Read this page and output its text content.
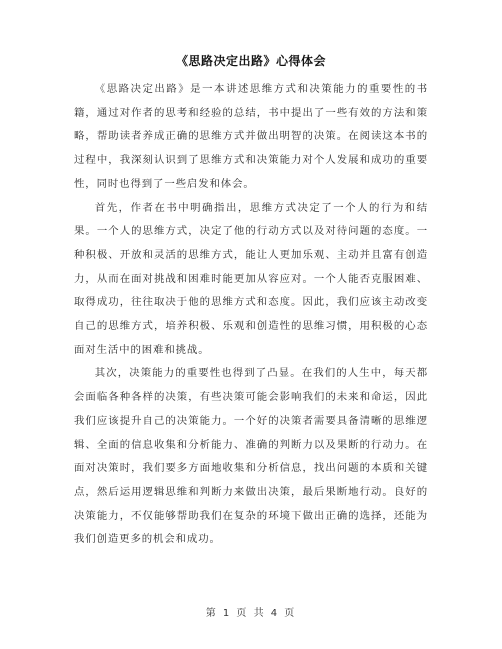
《思路决定出路》心得体会

《思路决定出路》是一本讲述思维方式和决策能力的重要性的书籍，通过对作者的思考和经验的总结，书中提出了一些有效的方法和策略，帮助读者养成正确的思维方式并做出明智的决策。在阅读这本书的过程中，我深刻认识到了思维方式和决策能力对个人发展和成功的重要性，同时也得到了一些启发和体会。

首先，作者在书中明确指出，思维方式决定了一个人的行为和结果。一个人的思维方式，决定了他的行动方式以及对待问题的态度。一种积极、开放和灵活的思维方式，能让人更加乐观、主动并且富有创造力，从而在面对挑战和困难时能更加从容应对。一个人能否克服困难、取得成功，往往取决于他的思维方式和态度。因此，我们应该主动改变自己的思维方式，培养积极、乐观和创造性的思维习惯，用积极的心态面对生活中的困难和挑战。

其次，决策能力的重要性也得到了凸显。在我们的人生中，每天都会面临各种各样的决策，有些决策可能会影响我们的未来和命运，因此我们应该提升自己的决策能力。一个好的决策者需要具备清晰的思维逻辑、全面的信息收集和分析能力、准确的判断力以及果断的行动力。在面对决策时，我们要多方面地收集和分析信息，找出问题的本质和关键点，然后运用逻辑思维和判断力来做出决策，最后果断地行动。良好的决策能力，不仅能够帮助我们在复杂的环境下做出正确的选择，还能为我们创造更多的机会和成功。

第 1 页 共 4 页
